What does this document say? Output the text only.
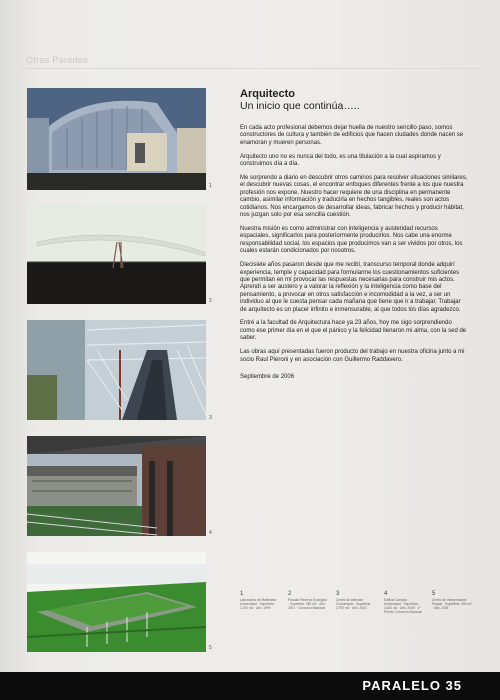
Otras Paredes
1
2
3
4
5
Arquitecto
Un inicio que continúa…..

En cada acto profesional debemos dejar huella de nuestro sencillo paso, somos constructores de cultura y también de edificios que hacen ciudades donde nacen se enamoran y mueren personas.

Arquitecto uno no es nunca del todo, es una titulación a la cual aspiramos y construimos día a día.

Me sorprendo a diario en descubrir otros caminos para resolver situaciones similares, el descubrir nuevas cosas, el encontrar enfoques diferentes frente a los que nuestra profesión nos expone. Nuestro hacer requiere de una disciplina en permanente cambio, asimilar información y traducirla en hechos tangibles, reales son actos cotidianos. Nos encargamos de desarrollar ideas, fabricar hechos y producir hábitat, nos juzgan solo por esa sencilla cuestión.

Nuestra misión es como administrar con inteligencia y austeridad recursos espaciales, significarlos para posteriormente producirlos. Nos cabe una enorme responsabilidad social, los espacios que producimos van a ser vividos por otros, los cuales estarán condicionados por nosotros.

Diecisiete años pasaron desde que me recibí, transcurso temporal donde adquirí experiencia, temple y capacidad para formularme los cuestionamientos suficientes que permitan en mí provocar las respuestas necesarias para construir mis actos. Aprendí a ser austero y a valorar la reflexión y la inteligencia como base del pensamiento, a provocar en otros satisfacción e incomodidad a la vez, a ser un individuo al que le cuesta pensar cada mañana que tiene que ir a trabajar. Trabajar de arquitecto es un placer infinito e inmensurable, al que todos los días agradezco.

Entré a la facultad de Arquitectura hace ya 23 años, hoy me sigo sorprendiendo como ese primer día en el que el pánico y la felicidad llenaron mi alma, con la sed de saber.

Las obras aquí presentadas fueron producto del trabajo en nuestra oficina junto a mi socio Raul Pieroni y en asociación con Guillermo Raddavero.

Septiembre de 2006

1
Laboratorio de Materiales · Universidad · Superficie: 1.150 m2 · Año: 1999
2
Parador Reserva Ecológica · Superficie: 280 m2 · Año: 2001 · Concurso Nacional
3
Centro de Atención Comunitaria · Superficie: 2.700 m2 · Año: 2003
4
Edificio Campus Universidad · Superficie: 4.300 m2 · Año: 2005 · 1º Premio Concurso Nacional
5
Centro de Interpretación Parque · Superficie: 900 m2 · Año: 2006
PARALELO 35
